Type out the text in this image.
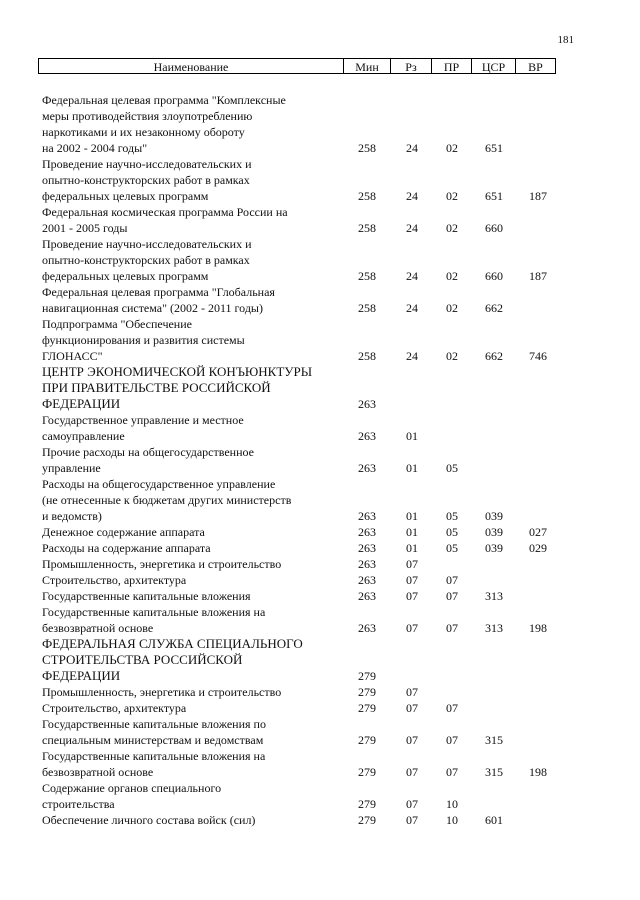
181
Наименование	Мин	Рз	ПР	ЦСР	ВР
Федеральная целевая программа "Комплексные
меры противодействия злоупотреблению
наркотиками и их незаконному обороту
на 2002 - 2004 годы"	258	24	02	651
Проведение научно-исследовательских и
опытно-конструкторских работ в рамках
федеральных целевых программ	258	24	02	651	187
Федеральная космическая программа России на
2001 - 2005 годы	258	24	02	660
Проведение научно-исследовательских и
опытно-конструкторских работ в рамках
федеральных целевых программ	258	24	02	660	187
Федеральная целевая программа "Глобальная
навигационная система" (2002 - 2011 годы)	258	24	02	662
Подпрограмма "Обеспечение
функционирования и развития системы
ГЛОНАСС"	258	24	02	662	746
ЦЕНТР ЭКОНОМИЧЕСКОЙ КОНЪЮНКТУРЫ
ПРИ ПРАВИТЕЛЬСТВЕ РОССИЙСКОЙ
ФЕДЕРАЦИИ	263
Государственное управление и местное
самоуправление	263	01
Прочие расходы на общегосударственное
управление	263	01	05
Расходы на общегосударственное управление
(не отнесенные к бюджетам других министерств
и ведомств)	263	01	05	039
Денежное содержание аппарата	263	01	05	039	027
Расходы на содержание аппарата	263	01	05	039	029
Промышленность, энергетика и строительство	263	07
Строительство, архитектура	263	07	07
Государственные капитальные вложения	263	07	07	313
Государственные капитальные вложения на
безвозвратной основе	263	07	07	313	198
ФЕДЕРАЛЬНАЯ СЛУЖБА СПЕЦИАЛЬНОГО
СТРОИТЕЛЬСТВА РОССИЙСКОЙ
ФЕДЕРАЦИИ	279
Промышленность, энергетика и строительство	279	07
Строительство, архитектура	279	07	07
Государственные капитальные вложения по
специальным министерствам и ведомствам	279	07	07	315
Государственные капитальные вложения на
безвозвратной основе	279	07	07	315	198
Содержание органов специального
строительства	279	07	10
Обеспечение личного состава войск (сил)	279	07	10	601
